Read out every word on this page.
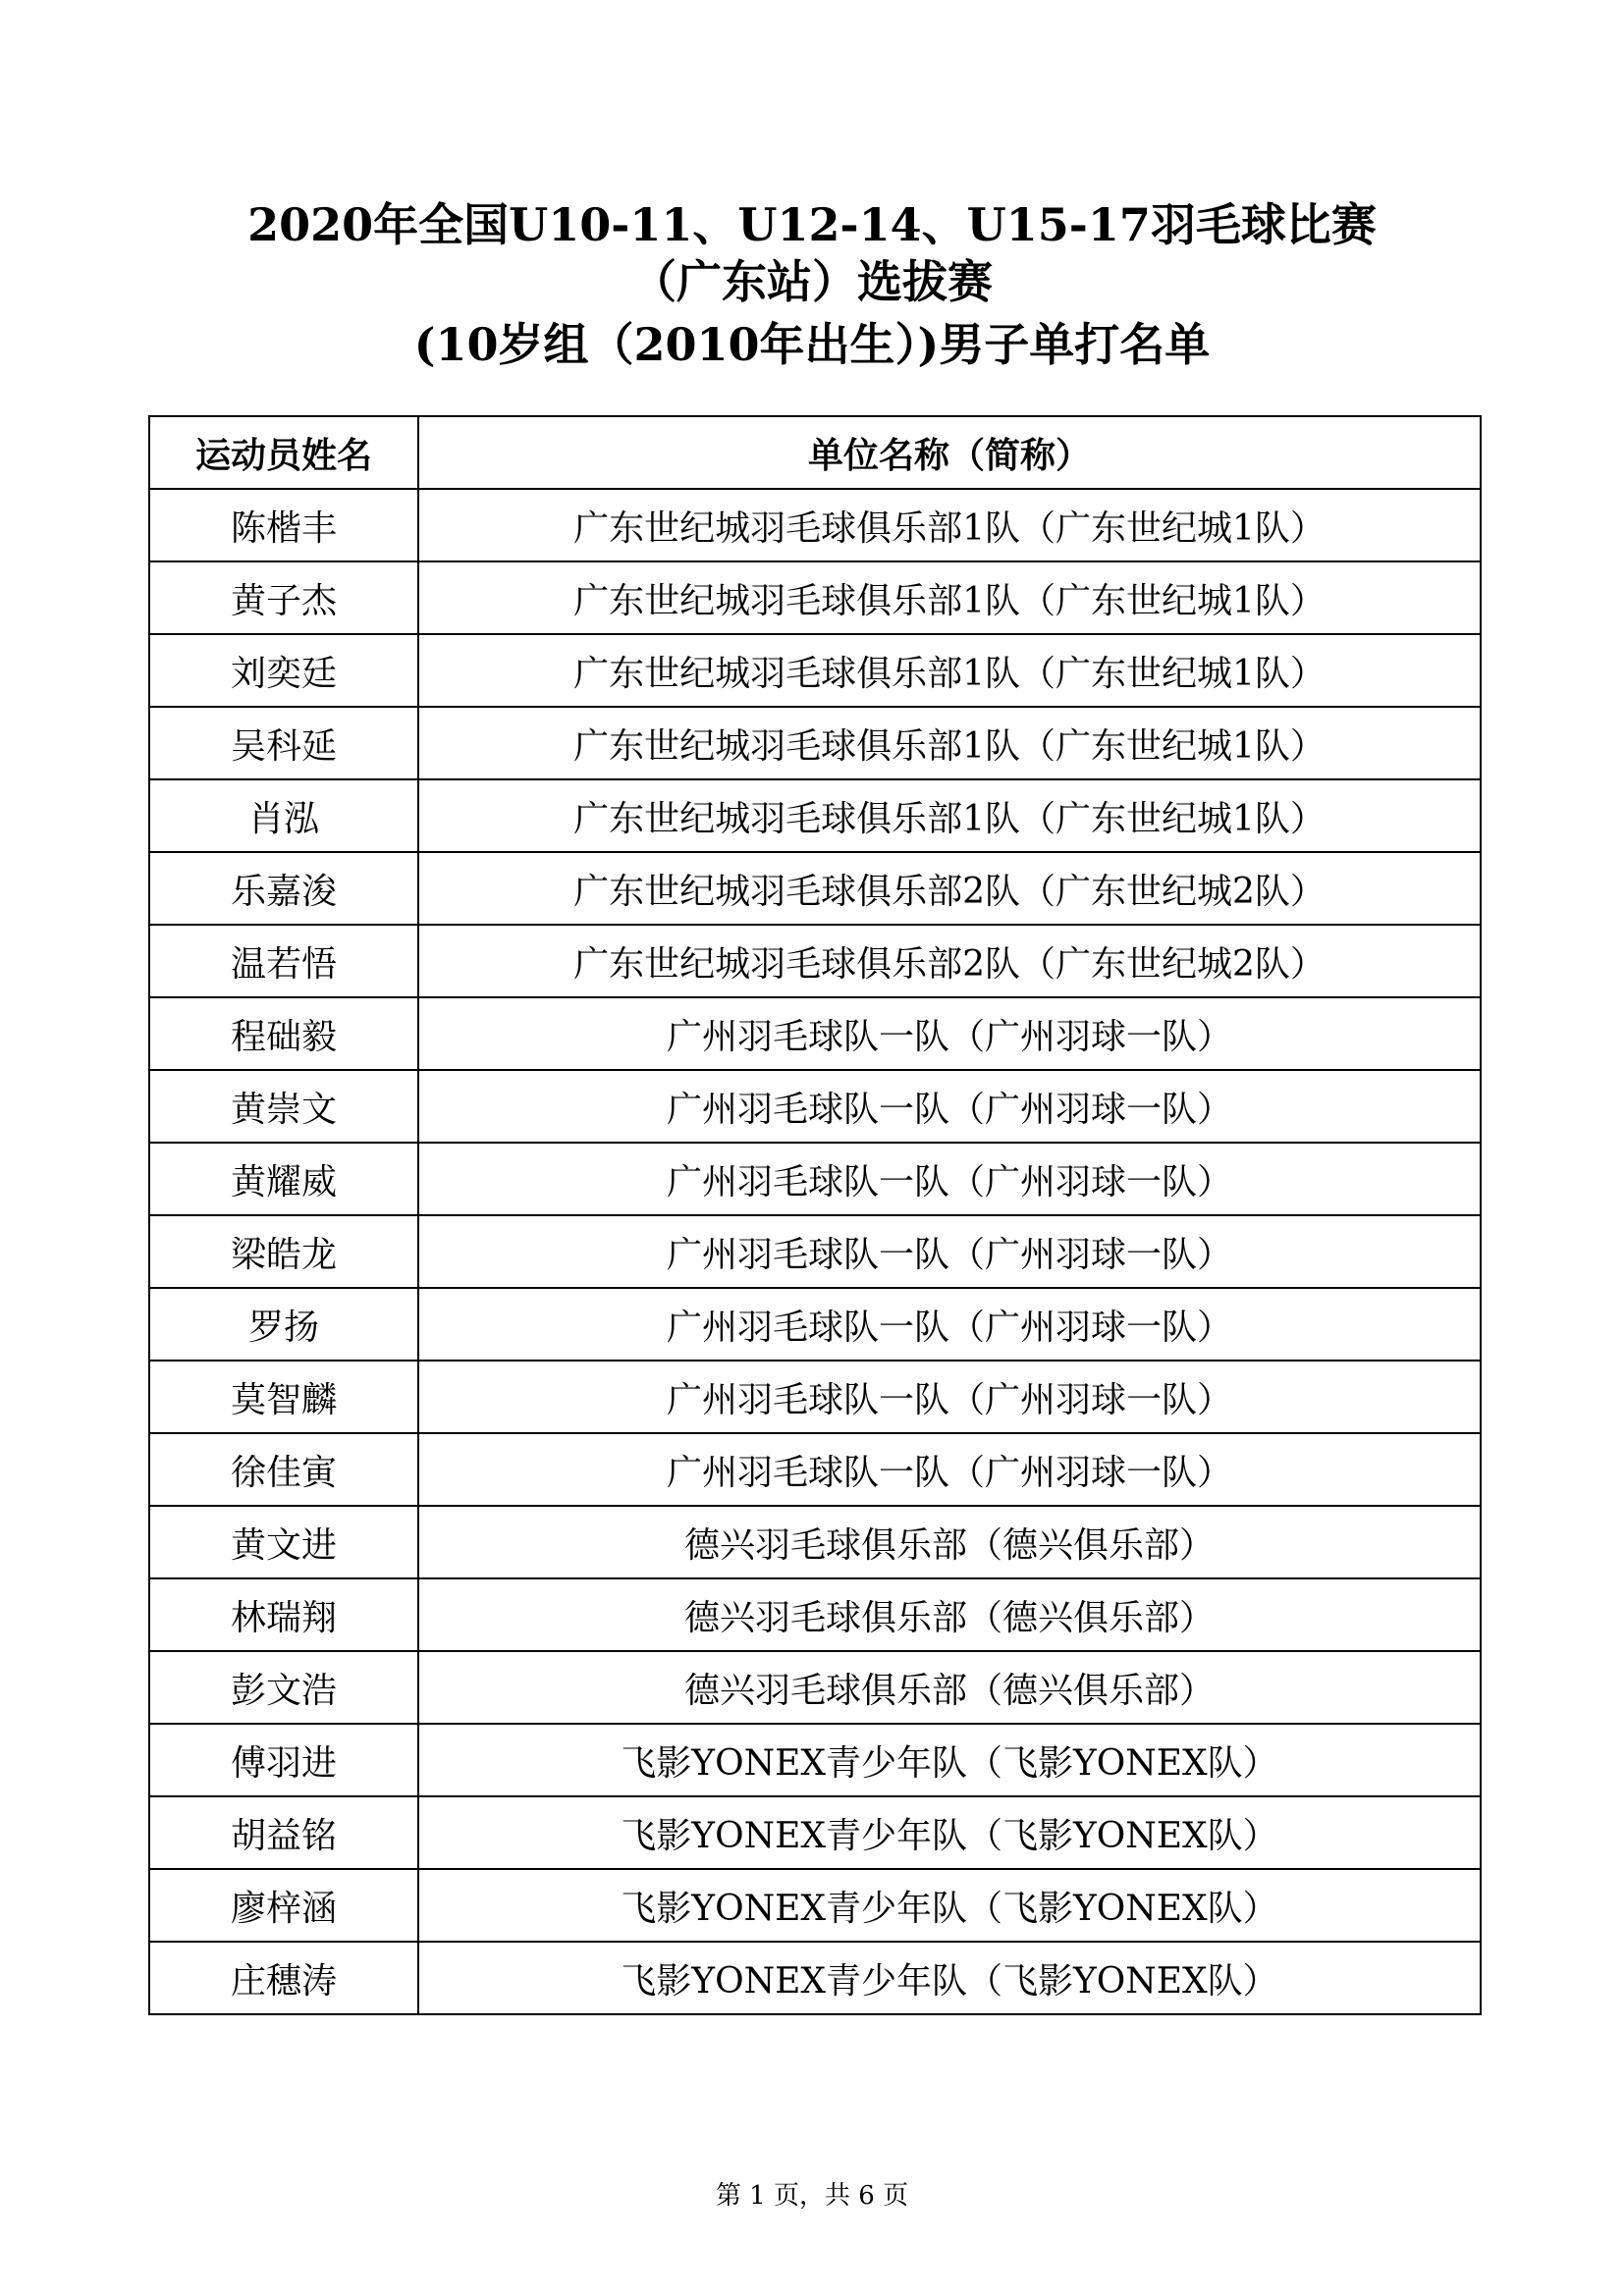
2020年全国U10-11、U12-14、U15-17羽毛球比赛
（广东站）选拔赛
(10岁组（2010年出生）)男子单打名单
运动员姓名	单位名称（简称）
陈楷丰	广东世纪城羽毛球俱乐部1队（广东世纪城1队）
黄子杰	广东世纪城羽毛球俱乐部1队（广东世纪城1队）
刘奕廷	广东世纪城羽毛球俱乐部1队（广东世纪城1队）
吴科延	广东世纪城羽毛球俱乐部1队（广东世纪城1队）
肖泓	广东世纪城羽毛球俱乐部1队（广东世纪城1队）
乐嘉浚	广东世纪城羽毛球俱乐部2队（广东世纪城2队）
温若悟	广东世纪城羽毛球俱乐部2队（广东世纪城2队）
程础毅	广州羽毛球队一队（广州羽球一队）
黄崇文	广州羽毛球队一队（广州羽球一队）
黄耀威	广州羽毛球队一队（广州羽球一队）
梁皓龙	广州羽毛球队一队（广州羽球一队）
罗扬	广州羽毛球队一队（广州羽球一队）
莫智麟	广州羽毛球队一队（广州羽球一队）
徐佳寅	广州羽毛球队一队（广州羽球一队）
黄文进	德兴羽毛球俱乐部（德兴俱乐部）
林瑞翔	德兴羽毛球俱乐部（德兴俱乐部）
彭文浩	德兴羽毛球俱乐部（德兴俱乐部）
傅羽进	飞影YONEX青少年队（飞影YONEX队）
胡益铭	飞影YONEX青少年队（飞影YONEX队）
廖梓涵	飞影YONEX青少年队（飞影YONEX队）
庄穗涛	飞影YONEX青少年队（飞影YONEX队）
第 1 页，共 6 页
